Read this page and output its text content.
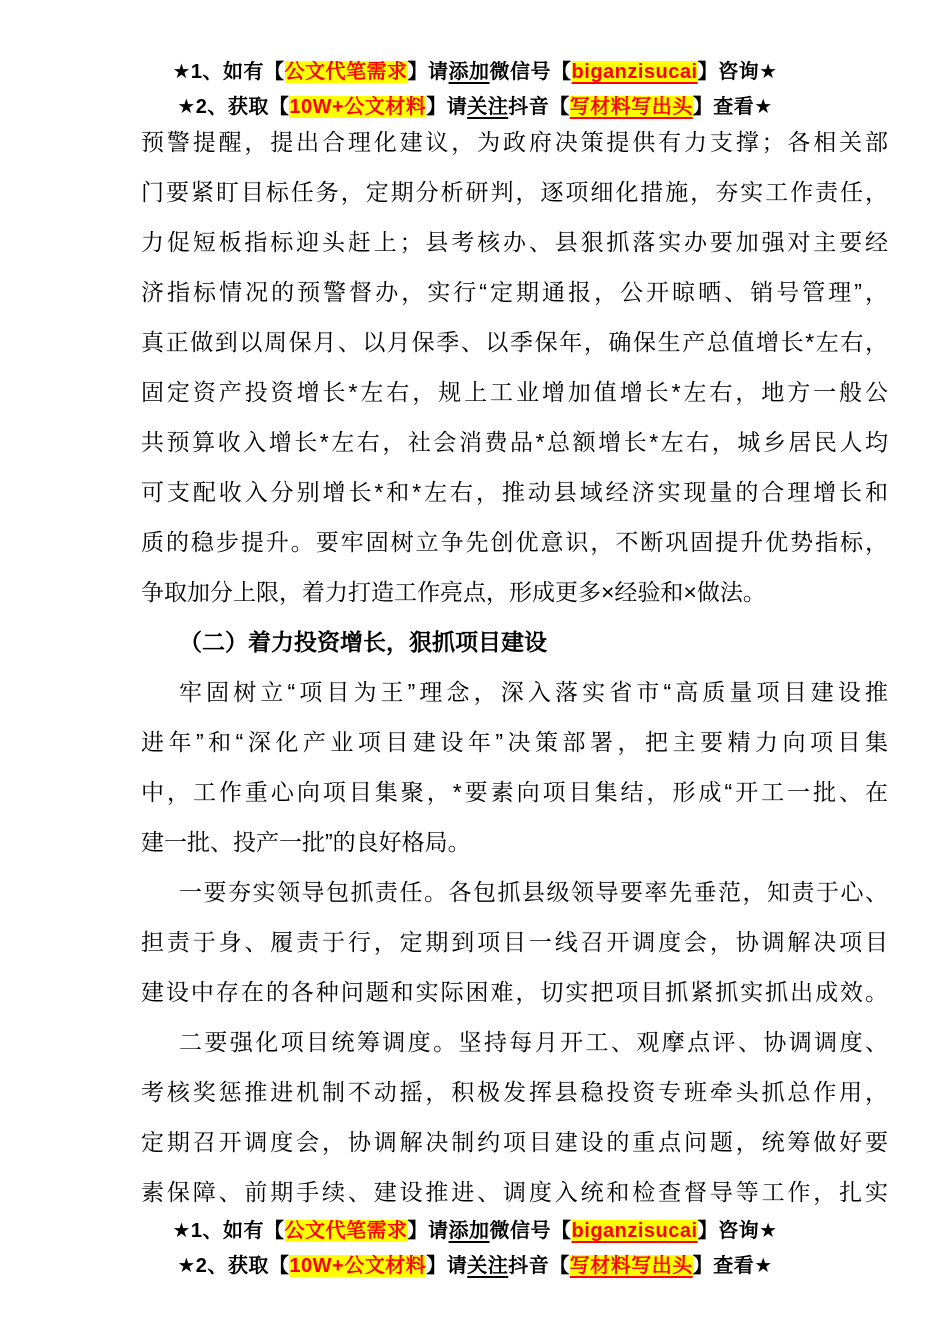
★1、如有【公文代笔需求】请添加微信号【biganzisucai】咨询★
★2、获取【10W+公文材料】请关注抖音【写材料写出头】查看★
预警提醒，提出合理化建议，为政府决策提供有力支撑；各相关部
门要紧盯目标任务，定期分析研判，逐项细化措施，夯实工作责任，
力促短板指标迎头赶上；县考核办、县狠抓落实办要加强对主要经
济指标情况的预警督办，实行“定期通报，公开晾晒、销号管理”，
真正做到以周保月、以月保季、以季保年，确保生产总值增长*左右，
固定资产投资增长*左右，规上工业增加值增长*左右，地方一般公
共预算收入增长*左右，社会消费品*总额增长*左右，城乡居民人均
可支配收入分别增长*和*左右，推动县域经济实现量的合理增长和
质的稳步提升。要牢固树立争先创优意识，不断巩固提升优势指标，
争取加分上限，着力打造工作亮点，形成更多×经验和×做法。
（二）着力投资增长，狠抓项目建设
牢固树立“项目为王”理念，深入落实省市“高质量项目建设推
进年”和“深化产业项目建设年”决策部署，把主要精力向项目集
中，工作重心向项目集聚，*要素向项目集结，形成“开工一批、在
建一批、投产一批”的良好格局。
一要夯实领导包抓责任。各包抓县级领导要率先垂范，知责于心、
担责于身、履责于行，定期到项目一线召开调度会，协调解决项目
建设中存在的各种问题和实际困难，切实把项目抓紧抓实抓出成效。
二要强化项目统筹调度。坚持每月开工、观摩点评、协调调度、
考核奖惩推进机制不动摇，积极发挥县稳投资专班牵头抓总作用，
定期召开调度会，协调解决制约项目建设的重点问题，统筹做好要
素保障、前期手续、建设推进、调度入统和检查督导等工作，扎实
★1、如有【公文代笔需求】请添加微信号【biganzisucai】咨询★
★2、获取【10W+公文材料】请关注抖音【写材料写出头】查看★
